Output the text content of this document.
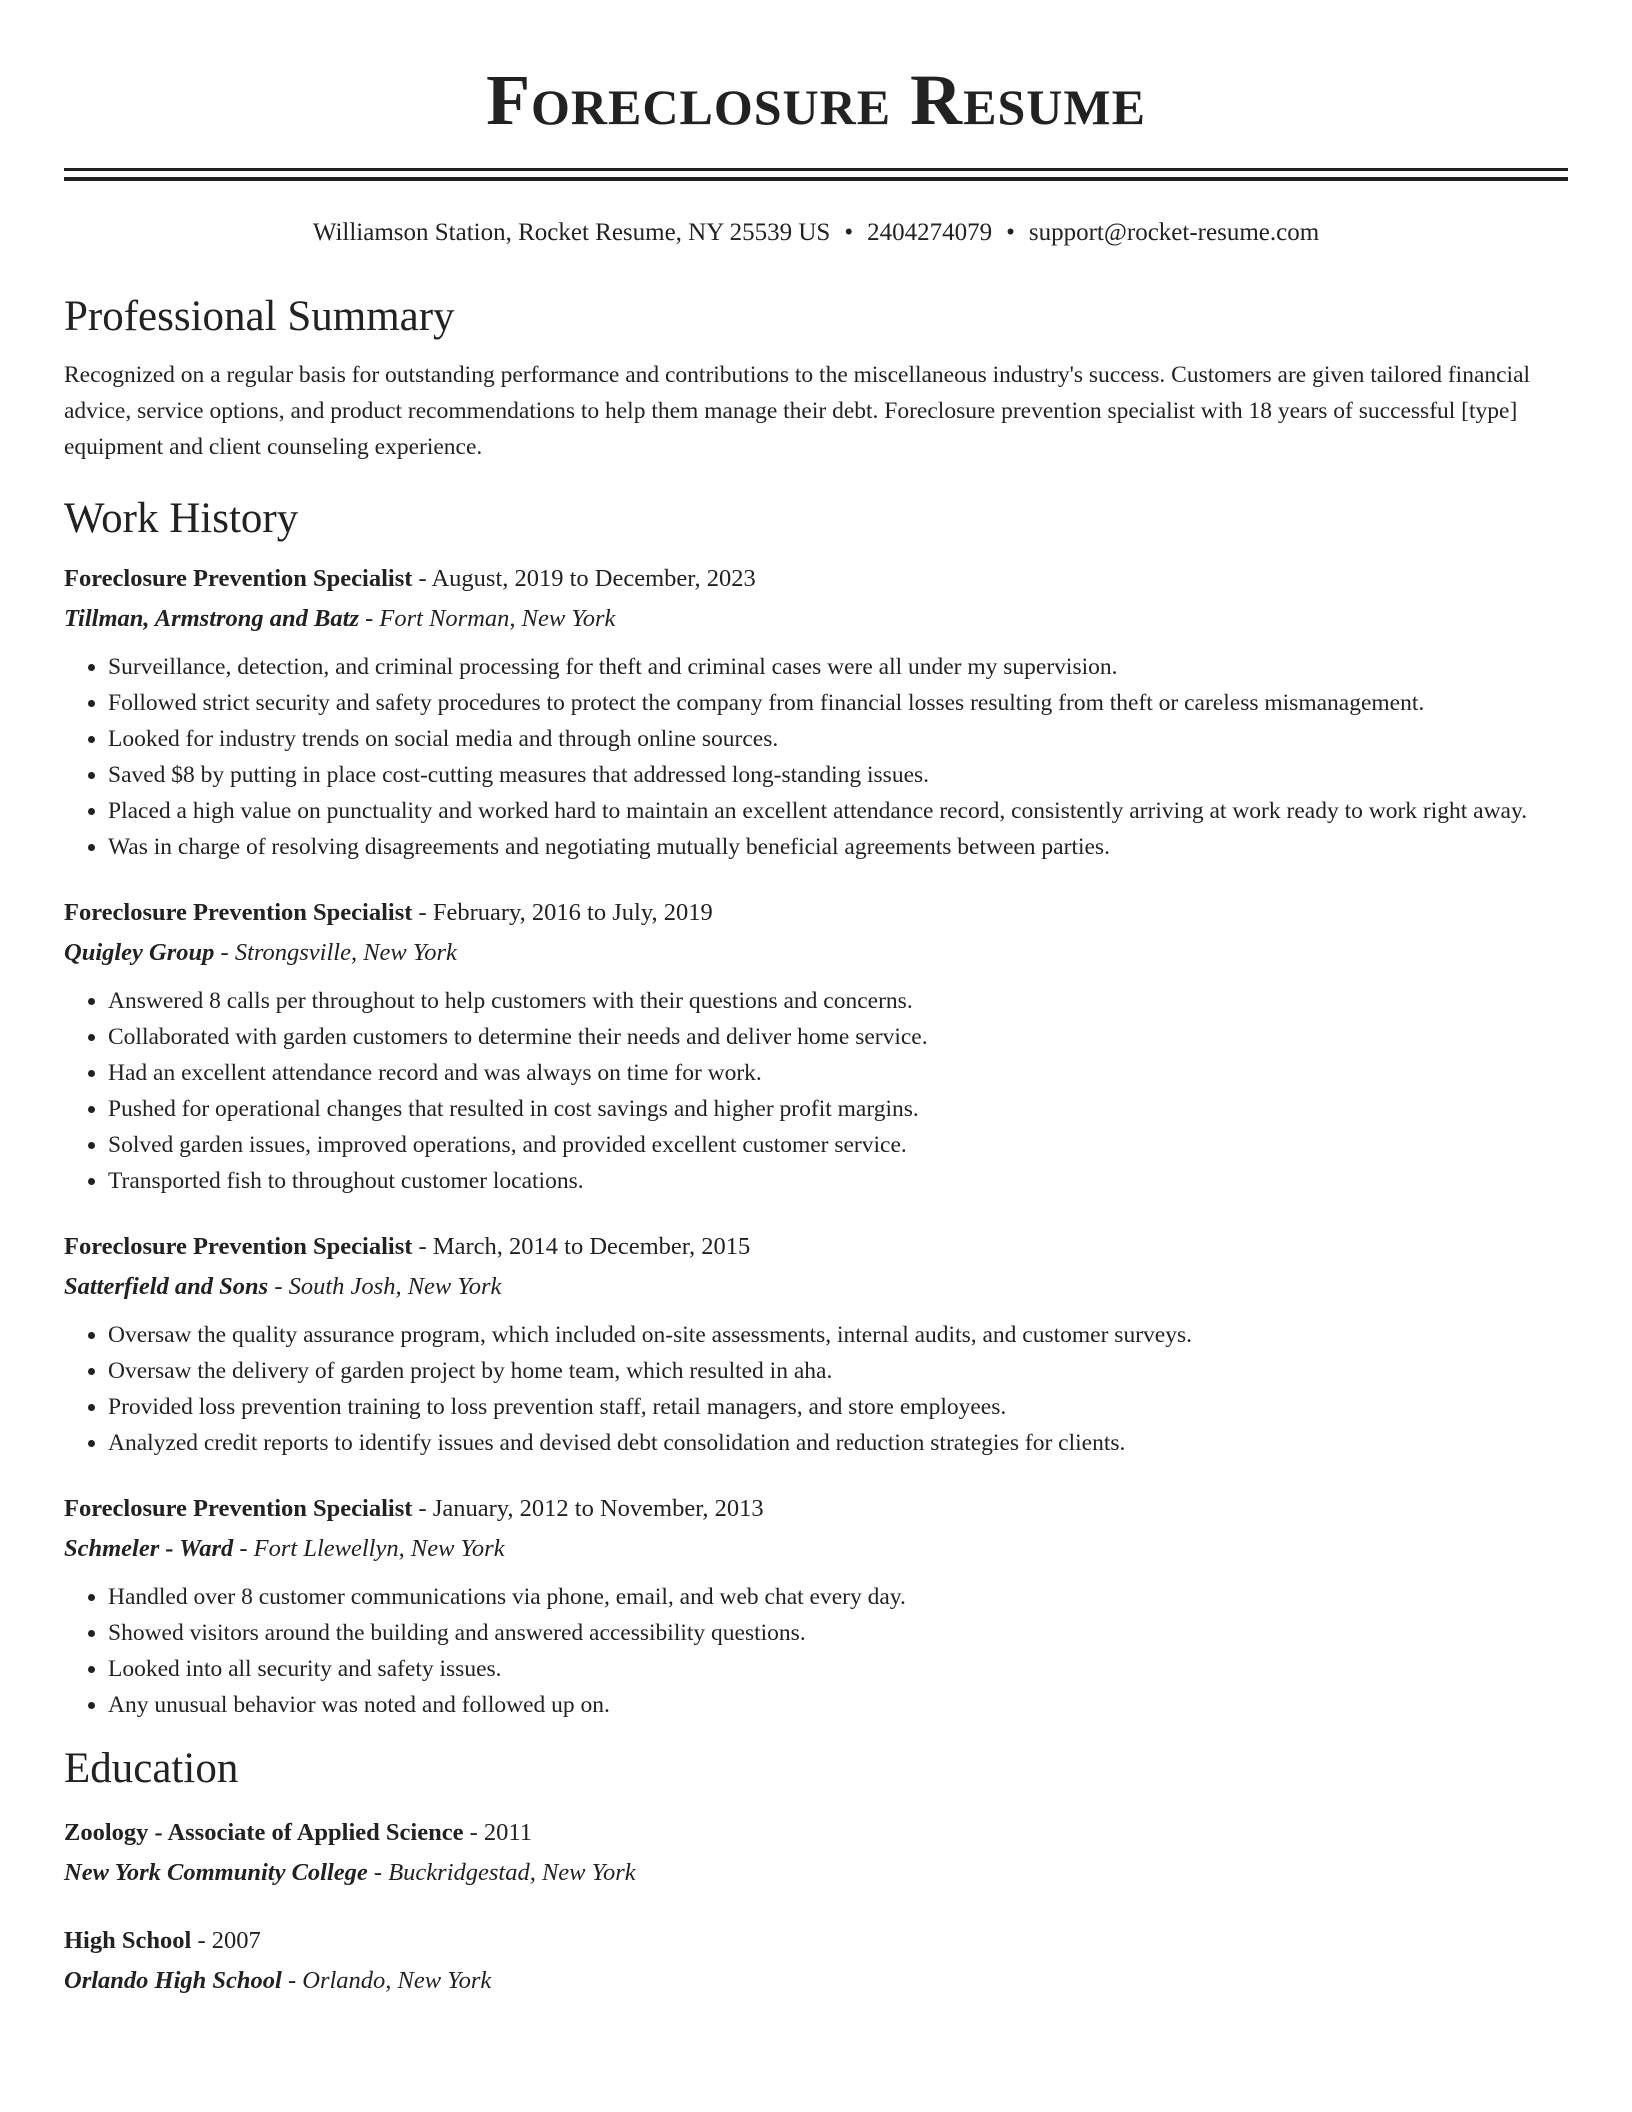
Foreclosure Resume
Williamson Station, Rocket Resume, NY 25539 US • 2404274079 • support@rocket-resume.com
Professional Summary

Recognized on a regular basis for outstanding performance and contributions to the miscellaneous industry's success. Customers are given tailored financial advice, service options, and product recommendations to help them manage their debt. Foreclosure prevention specialist with 18 years of successful [type] equipment and client counseling experience.

Work History
Foreclosure Prevention Specialist - August, 2019 to December, 2023
Tillman, Armstrong and Batz - Fort Norman, New York
• Surveillance, detection, and criminal processing for theft and criminal cases were all under my supervision.
• Followed strict security and safety procedures to protect the company from financial losses resulting from theft or careless mismanagement.
• Looked for industry trends on social media and through online sources.
• Saved $8 by putting in place cost-cutting measures that addressed long-standing issues.
• Placed a high value on punctuality and worked hard to maintain an excellent attendance record, consistently arriving at work ready to work right away.
• Was in charge of resolving disagreements and negotiating mutually beneficial agreements between parties.
Foreclosure Prevention Specialist - February, 2016 to July, 2019
Quigley Group - Strongsville, New York
• Answered 8 calls per throughout to help customers with their questions and concerns.
• Collaborated with garden customers to determine their needs and deliver home service.
• Had an excellent attendance record and was always on time for work.
• Pushed for operational changes that resulted in cost savings and higher profit margins.
• Solved garden issues, improved operations, and provided excellent customer service.
• Transported fish to throughout customer locations.
Foreclosure Prevention Specialist - March, 2014 to December, 2015
Satterfield and Sons - South Josh, New York
• Oversaw the quality assurance program, which included on-site assessments, internal audits, and customer surveys.
• Oversaw the delivery of garden project by home team, which resulted in aha.
• Provided loss prevention training to loss prevention staff, retail managers, and store employees.
• Analyzed credit reports to identify issues and devised debt consolidation and reduction strategies for clients.
Foreclosure Prevention Specialist - January, 2012 to November, 2013
Schmeler - Ward - Fort Llewellyn, New York
• Handled over 8 customer communications via phone, email, and web chat every day.
• Showed visitors around the building and answered accessibility questions.
• Looked into all security and safety issues.
• Any unusual behavior was noted and followed up on.
Education
Zoology - Associate of Applied Science - 2011
New York Community College - Buckridgestad, New York
High School - 2007
Orlando High School - Orlando, New York
